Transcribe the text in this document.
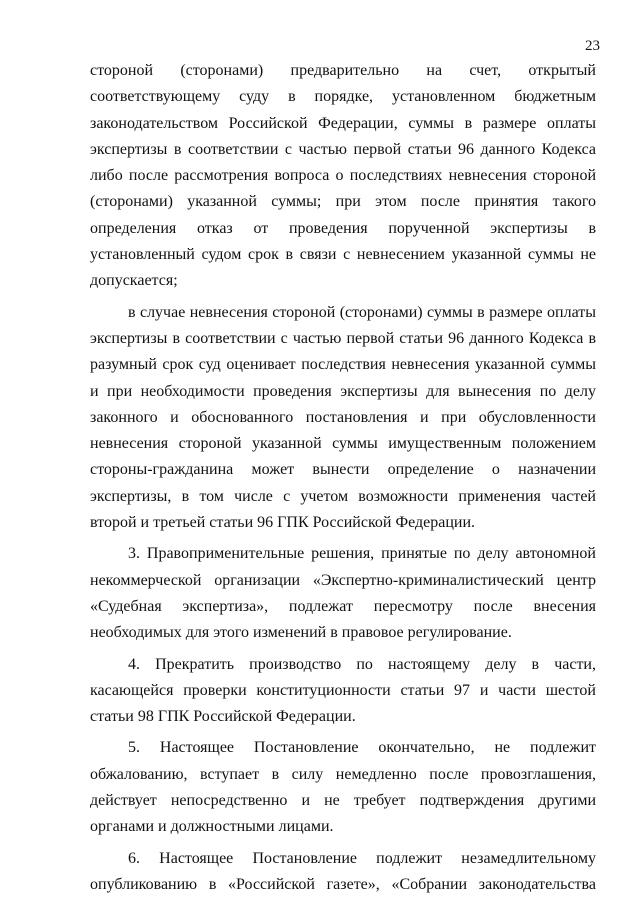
23

стороной (сторонами) предварительно на счет, открытый соответствующему суду в порядке, установленном бюджетным законодательством Российской Федерации, суммы в размере оплаты экспертизы в соответствии с частью первой статьи 96 данного Кодекса либо после рассмотрения вопроса о последствиях невнесения стороной (сторонами) указанной суммы; при этом после принятия такого определения отказ от проведения порученной экспертизы в установленный судом срок в связи с невнесением указанной суммы не допускается;

в случае невнесения стороной (сторонами) суммы в размере оплаты экспертизы в соответствии с частью первой статьи 96 данного Кодекса в разумный срок суд оценивает последствия невнесения указанной суммы и при необходимости проведения экспертизы для вынесения по делу законного и обоснованного постановления и при обусловленности невнесения стороной указанной суммы имущественным положением стороны-гражданина может вынести определение о назначении экспертизы, в том числе с учетом возможности применения частей второй и третьей статьи 96 ГПК Российской Федерации.

3. Правоприменительные решения, принятые по делу автономной некоммерческой организации «Экспертно-криминалистический центр «Судебная экспертиза», подлежат пересмотру после внесения необходимых для этого изменений в правовое регулирование.

4. Прекратить производство по настоящему делу в части, касающейся проверки конституционности статьи 97 и части шестой статьи 98 ГПК Российской Федерации.

5. Настоящее Постановление окончательно, не подлежит обжалованию, вступает в силу немедленно после провозглашения, действует непосредственно и не требует подтверждения другими органами и должностными лицами.

6. Настоящее Постановление подлежит незамедлительному опубликованию в «Российской газете», «Собрании законодательства
